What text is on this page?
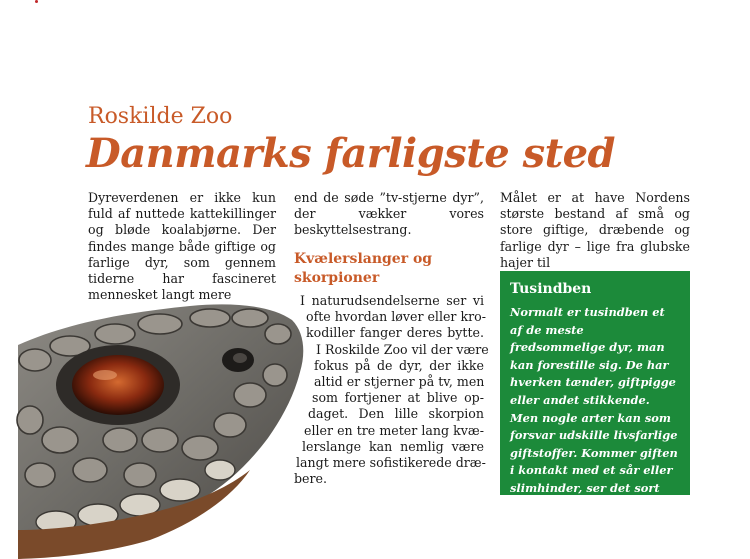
Roskilde Zoo
Danmarks farligste sted

Dyreverdenen er ikke kun fuld af nuttede kattekillinger og bløde koalabjørne. Der findes mange både giftige og farlige dyr, som gennem tiderne har fascineret mennesket langt mere

end de søde ”tv-stjerne dyr”, der vækker vores beskyttelsestrang.

Kvælerslanger og skorpioner
I naturudsendelserne ser vi
ofte hvordan løver eller kro-
kodiller fanger deres bytte.
I Roskilde Zoo vil der være
fokus på de dyr, der ikke
altid er stjerner på tv, men
som fortjener at blive op-
daget. Den lille skorpion
eller en tre meter lang kvæ-
lerslange kan nemlig være
langt mere sofistikerede dræ-
bere.

Målet er at have Nordens største bestand af små og store giftige, dræbende og farlige dyr – lige fra glubske hajer til

Tusindben
Normalt er tusindben et af de meste fredsommelige dyr, man kan forestille sig. De har hverken tænder, giftpigge eller andet stikkende. Men nogle arter kan som forsvar udskille livsfarlige giftstoffer. Kommer giften i kontakt med et sår eller slimhinder, ser det sort ud.
